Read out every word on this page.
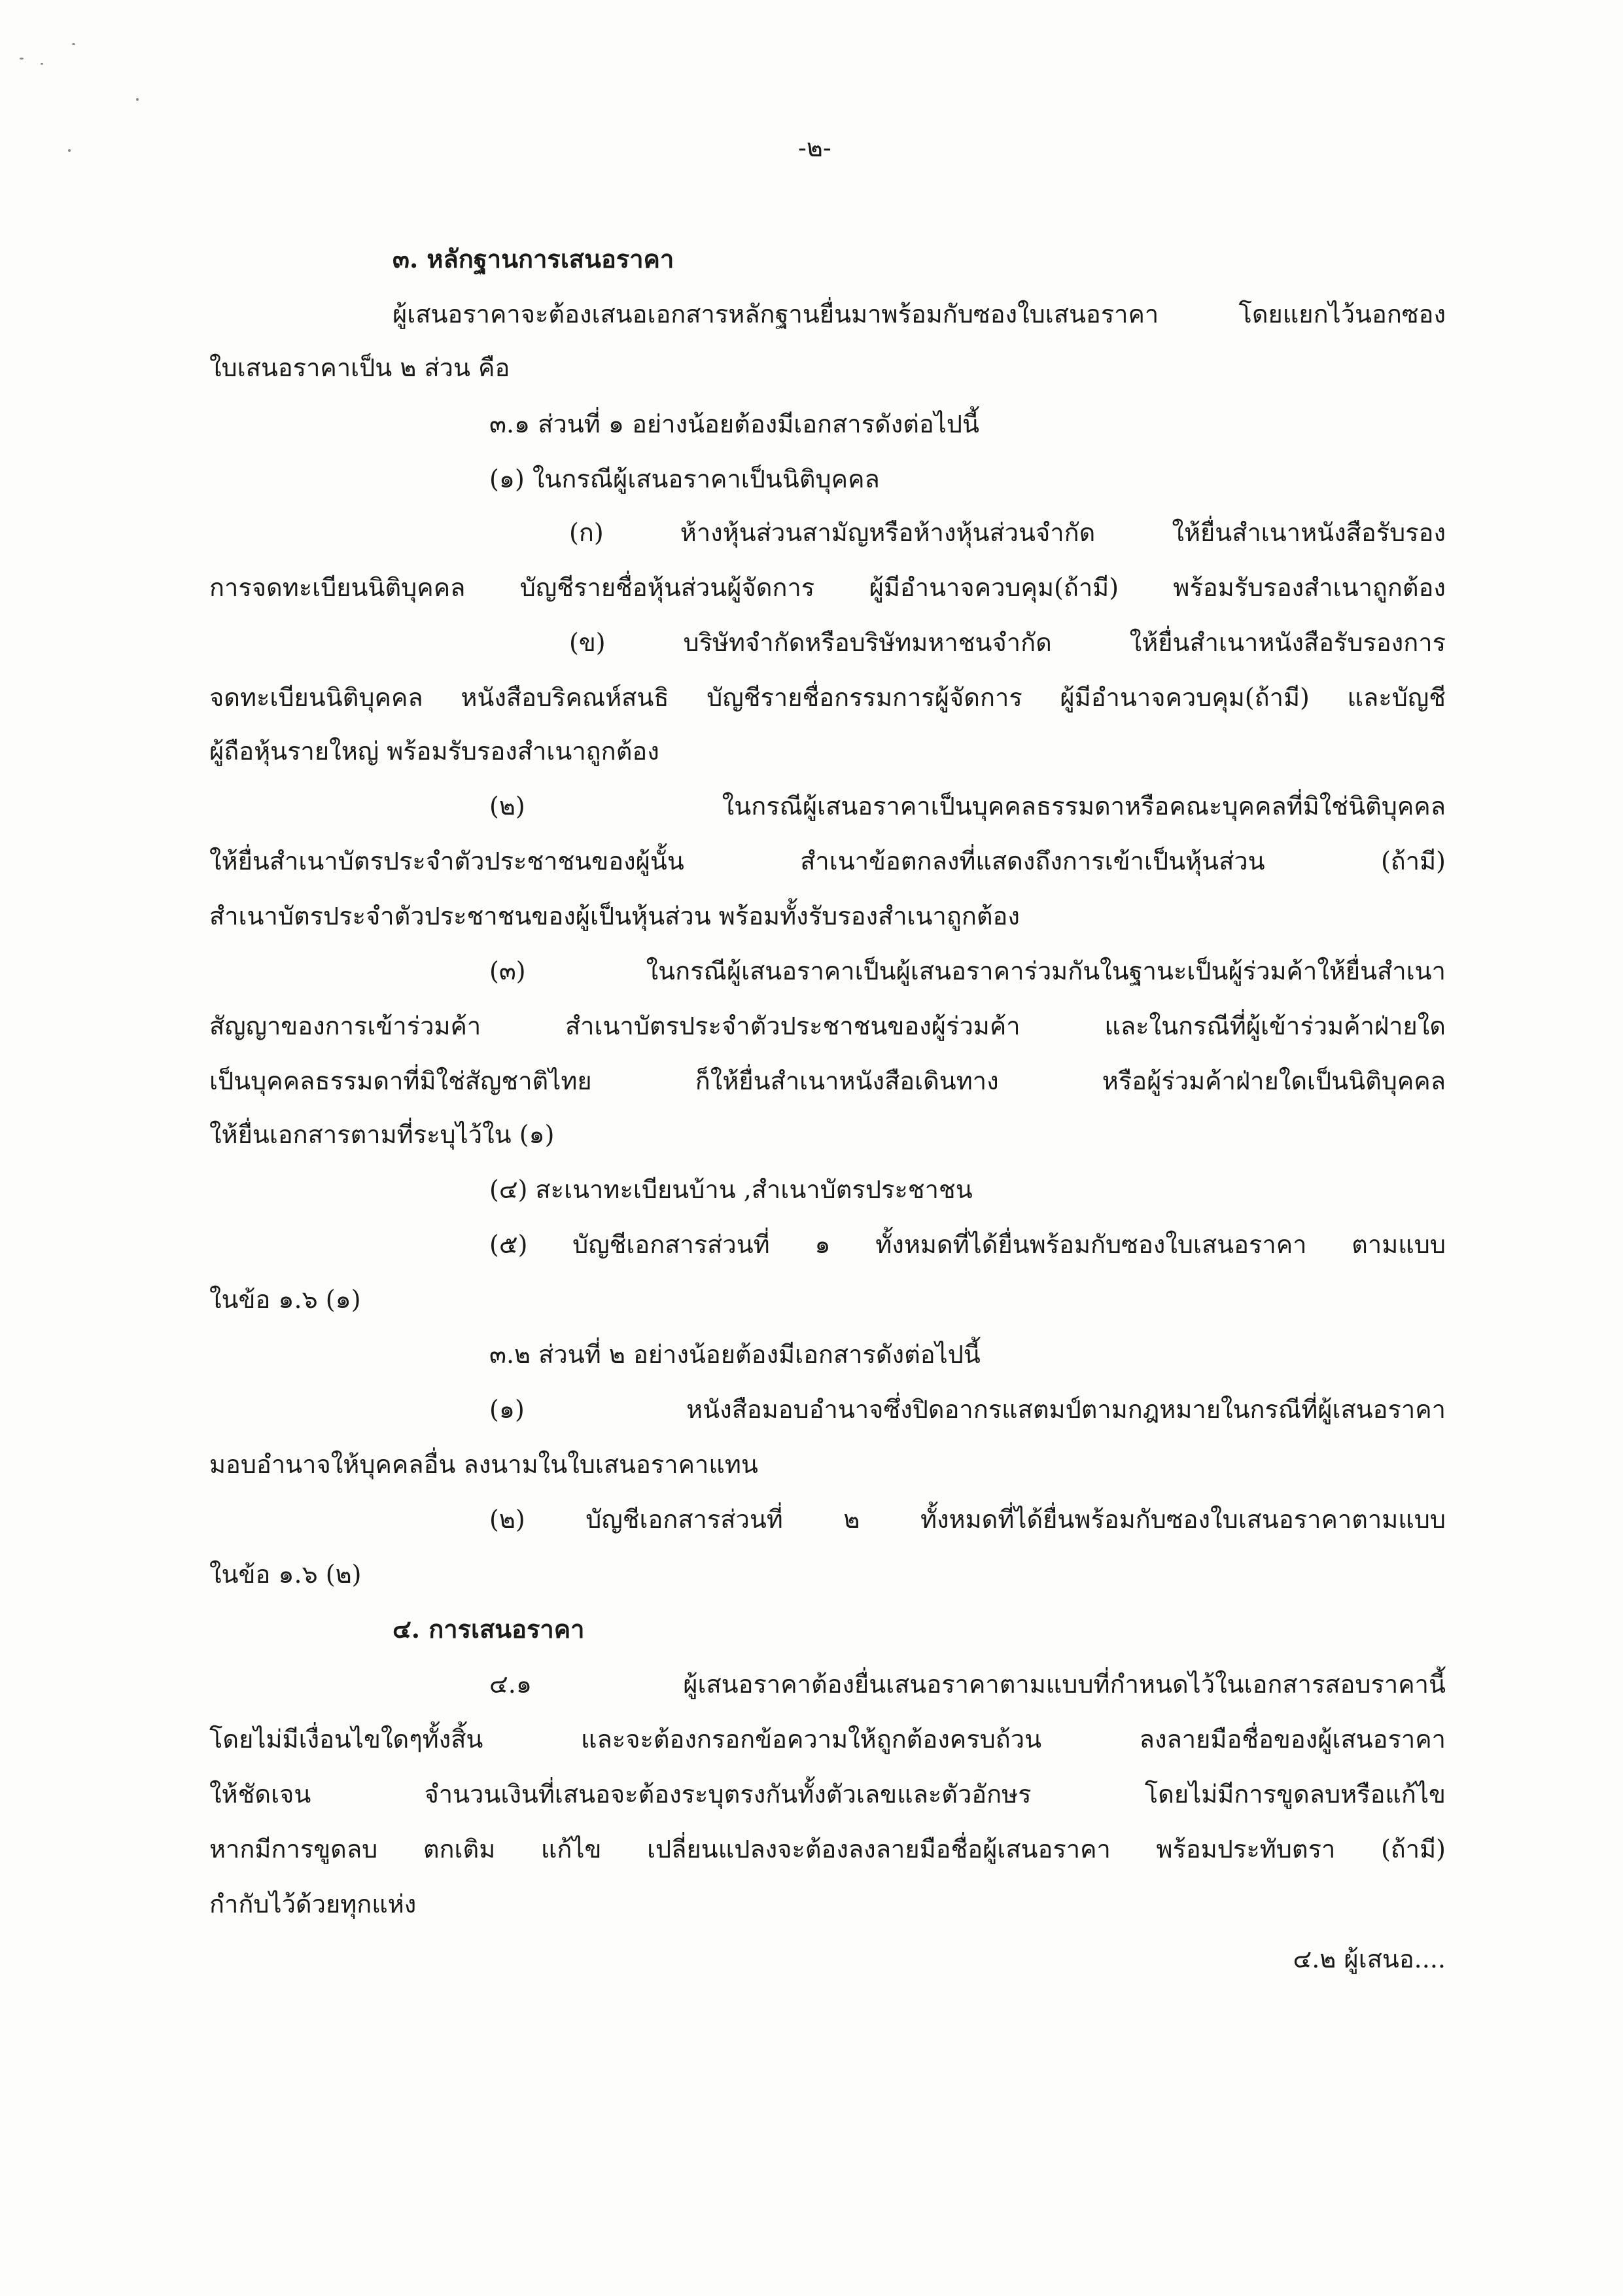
-๒-
๓. หลักฐานการเสนอราคา
ผู้เสนอราคาจะต้องเสนอเอกสารหลักฐานยื่นมาพร้อมกับซองใบเสนอราคา โดยแยกไว้นอกซอง
ใบเสนอราคาเป็น ๒ ส่วน คือ
๓.๑ ส่วนที่ ๑ อย่างน้อยต้องมีเอกสารดังต่อไปนี้
(๑) ในกรณีผู้เสนอราคาเป็นนิติบุคคล
(ก) ห้างหุ้นส่วนสามัญหรือห้างหุ้นส่วนจำกัด ให้ยื่นสำเนาหนังสือรับรอง
การจดทะเบียนนิติบุคคล บัญชีรายชื่อหุ้นส่วนผู้จัดการ ผู้มีอำนาจควบคุม(ถ้ามี) พร้อมรับรองสำเนาถูกต้อง
(ข) บริษัทจำกัดหรือบริษัทมหาชนจำกัด ให้ยื่นสำเนาหนังสือรับรองการ
จดทะเบียนนิติบุคคล หนังสือบริคณห์สนธิ บัญชีรายชื่อกรรมการผู้จัดการ ผู้มีอำนาจควบคุม(ถ้ามี) และบัญชี
ผู้ถือหุ้นรายใหญ่ พร้อมรับรองสำเนาถูกต้อง
(๒) ในกรณีผู้เสนอราคาเป็นบุคคลธรรมดาหรือคณะบุคคลที่มิใช่นิติบุคคล
ให้ยื่นสำเนาบัตรประจำตัวประชาชนของผู้นั้น สำเนาข้อตกลงที่แสดงถึงการเข้าเป็นหุ้นส่วน (ถ้ามี)
สำเนาบัตรประจำตัวประชาชนของผู้เป็นหุ้นส่วน พร้อมทั้งรับรองสำเนาถูกต้อง
(๓) ในกรณีผู้เสนอราคาเป็นผู้เสนอราคาร่วมกันในฐานะเป็นผู้ร่วมค้าให้ยื่นสำเนา
สัญญาของการเข้าร่วมค้า สำเนาบัตรประจำตัวประชาชนของผู้ร่วมค้า และในกรณีที่ผู้เข้าร่วมค้าฝ่ายใด
เป็นบุคคลธรรมดาที่มิใช่สัญชาติไทย ก็ให้ยื่นสำเนาหนังสือเดินทาง หรือผู้ร่วมค้าฝ่ายใดเป็นนิติบุคคล
ให้ยื่นเอกสารตามที่ระบุไว้ใน (๑)
(๔) สะเนาทะเบียนบ้าน ,สำเนาบัตรประชาชน
(๕) บัญชีเอกสารส่วนที่ ๑ ทั้งหมดที่ได้ยื่นพร้อมกับซองใบเสนอราคา ตามแบบ
ในข้อ ๑.๖ (๑)
๓.๒ ส่วนที่ ๒ อย่างน้อยต้องมีเอกสารดังต่อไปนี้
(๑) หนังสือมอบอำนาจซึ่งปิดอากรแสตมป์ตามกฎหมายในกรณีที่ผู้เสนอราคา
มอบอำนาจให้บุคคลอื่น ลงนามในใบเสนอราคาแทน
(๒) บัญชีเอกสารส่วนที่ ๒ ทั้งหมดที่ได้ยื่นพร้อมกับซองใบเสนอราคาตามแบบ
ในข้อ ๑.๖ (๒)
๔. การเสนอราคา
๔.๑ ผู้เสนอราคาต้องยื่นเสนอราคาตามแบบที่กำหนดไว้ในเอกสารสอบราคานี้
โดยไม่มีเงื่อนไขใดๆทั้งสิ้น และจะต้องกรอกข้อความให้ถูกต้องครบถ้วน ลงลายมือชื่อของผู้เสนอราคา
ให้ชัดเจน จำนวนเงินที่เสนอจะต้องระบุตรงกันทั้งตัวเลขและตัวอักษร โดยไม่มีการขูดลบหรือแก้ไข
หากมีการขูดลบ ตกเติม แก้ไข เปลี่ยนแปลงจะต้องลงลายมือชื่อผู้เสนอราคา พร้อมประทับตรา (ถ้ามี)
กำกับไว้ด้วยทุกแห่ง
๔.๒ ผู้เสนอ....
